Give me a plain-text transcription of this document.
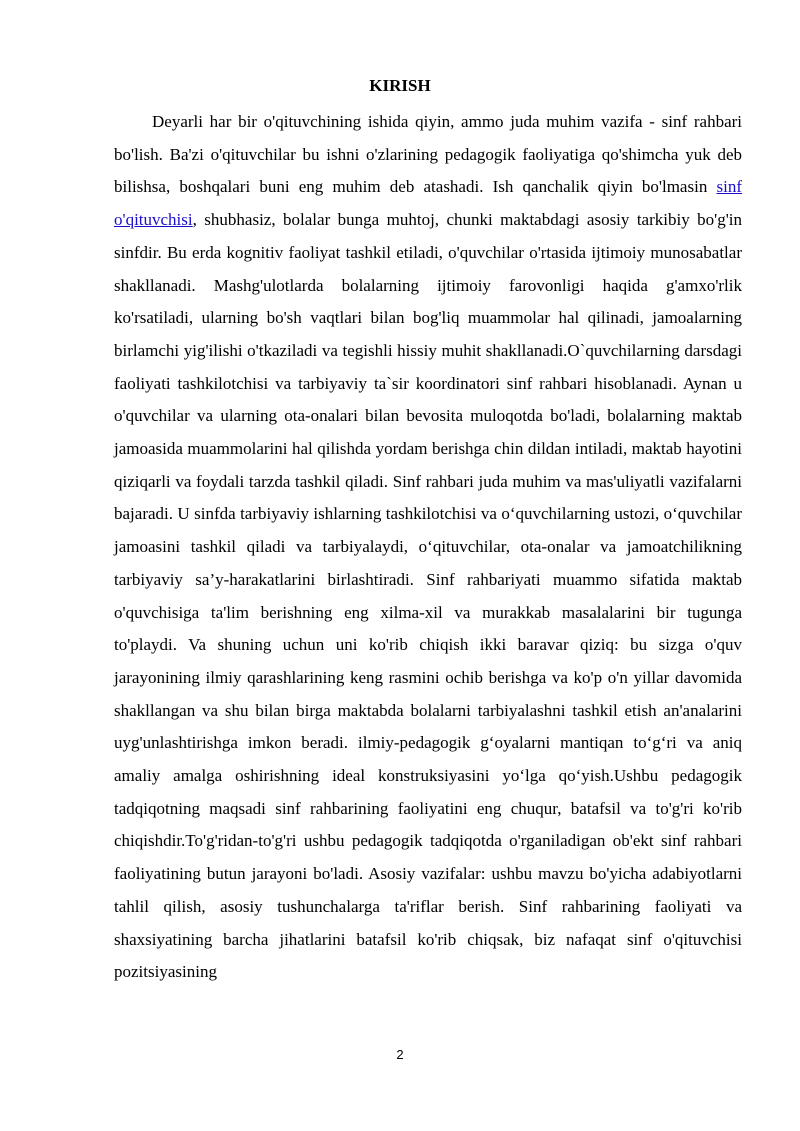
KIRISH

Deyarli har bir o'qituvchining ishida qiyin, ammo juda muhim vazifa - sinf rahbari bo'lish. Ba'zi o'qituvchilar bu ishni o'zlarining pedagogik faoliyatiga qo'shimcha yuk deb bilishsa, boshqalari buni eng muhim deb atashadi. Ish qanchalik qiyin bo'lmasin sinf o'qituvchisi, shubhasiz, bolalar bunga muhtoj, chunki maktabdagi asosiy tarkibiy bo'g'in sinfdir. Bu erda kognitiv faoliyat tashkil etiladi, o'quvchilar o'rtasida ijtimoiy munosabatlar shakllanadi. Mashg'ulotlarda bolalarning ijtimoiy farovonligi haqida g'amxo'rlik ko'rsatiladi, ularning bo'sh vaqtlari bilan bog'liq muammolar hal qilinadi, jamoalarning birlamchi yig'ilishi o'tkaziladi va tegishli hissiy muhit shakllanadi.O`quvchilarning darsdagi faoliyati tashkilotchisi va tarbiyaviy ta`sir koordinatori sinf rahbari hisoblanadi. Aynan u o'quvchilar va ularning ota-onalari bilan bevosita muloqotda bo'ladi, bolalarning maktab jamoasida muammolarini hal qilishda yordam berishga chin dildan intiladi, maktab hayotini qiziqarli va foydali tarzda tashkil qiladi. Sinf rahbari juda muhim va mas'uliyatli vazifalarni bajaradi. U sinfda tarbiyaviy ishlarning tashkilotchisi va o‘quvchilarning ustozi, o‘quvchilar jamoasini tashkil qiladi va tarbiyalaydi, o‘qituvchilar, ota-onalar va jamoatchilikning tarbiyaviy sa’y-harakatlarini birlashtiradi. Sinf rahbariyati muammo sifatida maktab o'quvchisiga ta'lim berishning eng xilma-xil va murakkab masalalarini bir tugunga to'playdi. Va shuning uchun uni ko'rib chiqish ikki baravar qiziq: bu sizga o'quv jarayonining ilmiy qarashlarining keng rasmini ochib berishga va ko'p o'n yillar davomida shakllangan va shu bilan birga maktabda bolalarni tarbiyalashni tashkil etish an'analarini uyg'unlashtirishga imkon beradi. ilmiy-pedagogik g‘oyalarni mantiqan to‘g‘ri va aniq amaliy amalga oshirishning ideal konstruksiyasini yo‘lga qo‘yish.Ushbu pedagogik tadqiqotning maqsadi sinf rahbarining faoliyatini eng chuqur, batafsil va to'g'ri ko'rib chiqishdir.To'g'ridan-to'g'ri ushbu pedagogik tadqiqotda o'rganiladigan ob'ekt sinf rahbari faoliyatining butun jarayoni bo'ladi. Asosiy vazifalar: ushbu mavzu bo'yicha adabiyotlarni tahlil qilish, asosiy tushunchalarga ta'riflar berish. Sinf rahbarining faoliyati va shaxsiyatining barcha jihatlarini batafsil ko'rib chiqsak, biz nafaqat sinf o'qituvchisi pozitsiyasining

2
